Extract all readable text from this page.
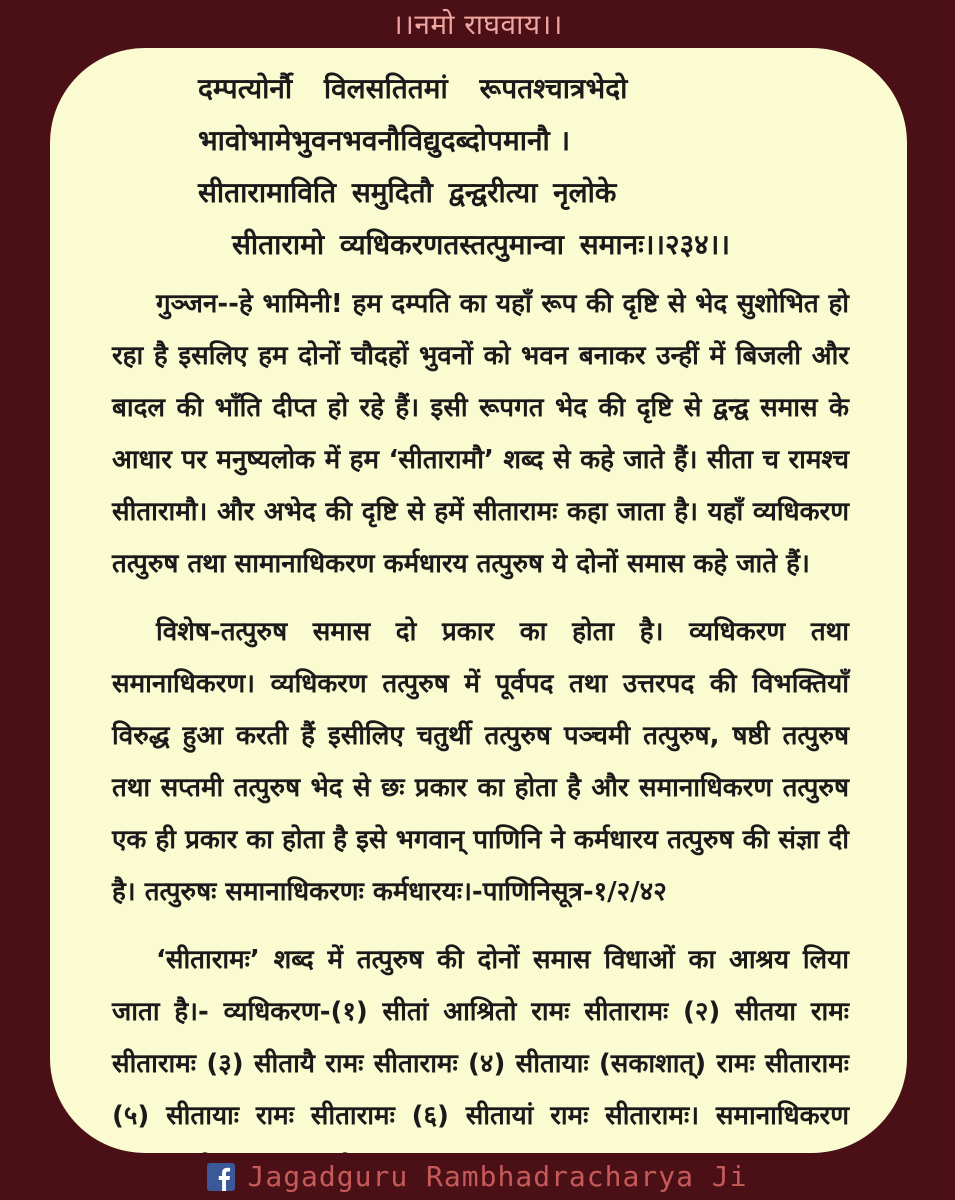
।।नमो राघवाय।।
दम्पत्योर्नौ विलसतितमां रूपतश्चात्रभेदो
भावोभामेभुवनभवनौविद्युदब्दोपमानौ ।
सीतारामाविति समुदितौ द्वन्द्वरीत्या नृलोके
सीतारामो व्यधिकरणतस्तत्पुमान्वा समानः।।२३४।।

गुञ्जन--हे भामिनी! हम दम्पति का यहाँ रूप की दृष्टि से भेद सुशोभित हो रहा है इसलिए हम दोनों चौदहों भुवनों को भवन बनाकर उन्हीं में बिजली और बादल की भाँति दीप्त हो रहे हैं। इसी रूपगत भेद की दृष्टि से द्वन्द्व समास के आधार पर मनुष्यलोक में हम ‘सीतारामौ’ शब्द से कहे जाते हैं। सीता च रामश्च सीतारामौ। और अभेद की दृष्टि से हमें सीतारामः कहा जाता है। यहाँ व्यधिकरण तत्पुरुष तथा सामानाधिकरण कर्मधारय तत्पुरुष ये दोनों समास कहे जाते हैं।

विशेष-तत्पुरुष समास दो प्रकार का होता है। व्यधिकरण तथा समानाधिकरण। व्यधिकरण तत्पुरुष में पूर्वपद तथा उत्तरपद की विभक्तियाँ विरुद्ध हुआ करती हैं इसीलिए चतुर्थी तत्पुरुष पञ्चमी तत्पुरुष, षष्ठी तत्पुरुष तथा सप्तमी तत्पुरुष भेद से छः प्रकार का होता है और समानाधिकरण तत्पुरुष एक ही प्रकार का होता है इसे भगवान् पाणिनि ने कर्मधारय तत्पुरुष की संज्ञा दी है। तत्पुरुषः समानाधिकरणः कर्मधारयः।-पाणिनिसूत्र-१/२/४२

‘सीतारामः’ शब्द में तत्पुरुष की दोनों समास विधाओं का आश्रय लिया जाता है।- व्यधिकरण-(१) सीतां आश्रितो रामः सीतारामः (२) सीतया रामः सीतारामः (३) सीतायै रामः सीतारामः (४) सीतायाः (सकाशात्) रामः सीतारामः (५) सीतायाः रामः सीतारामः (६) सीतायां रामः सीतारामः। समानाधिकरण

Jagadguru Rambhadracharya Ji
